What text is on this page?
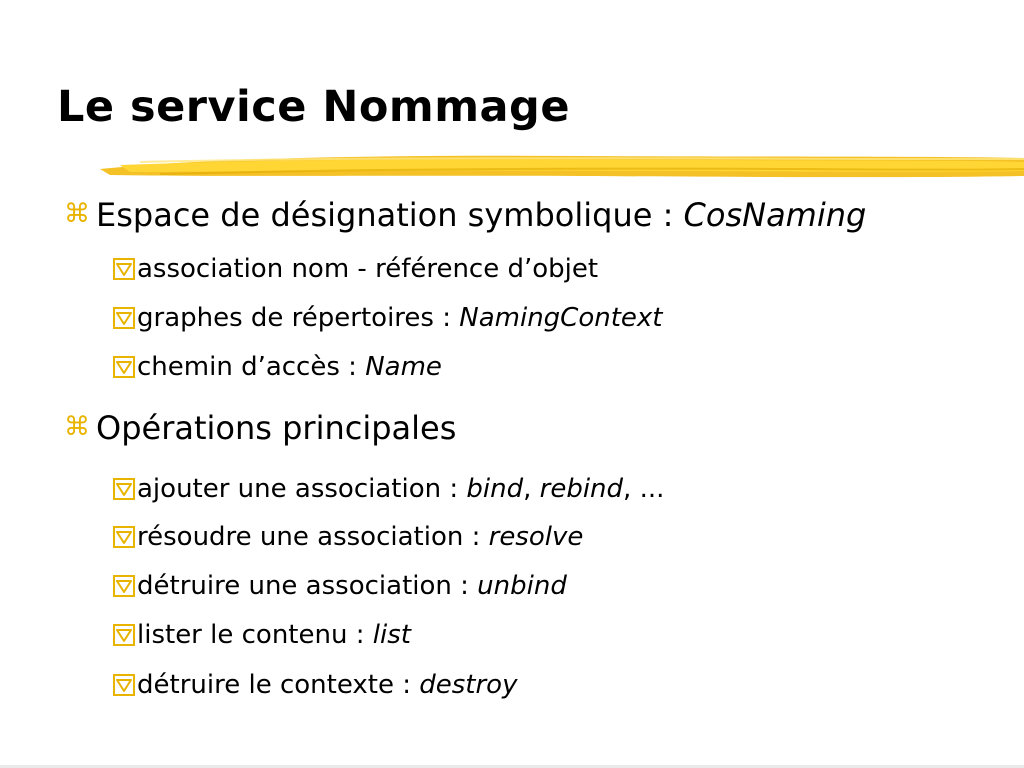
Le service Nommage
⌘ Espace de désignation symbolique : CosNaming
association nom - référence d’objet
graphes de répertoires : NamingContext
chemin d’accès : Name
⌘ Opérations principales
ajouter une association : bind, rebind, ...
résoudre une association : resolve
détruire une association : unbind
lister le contenu : list
détruire le contexte : destroy
